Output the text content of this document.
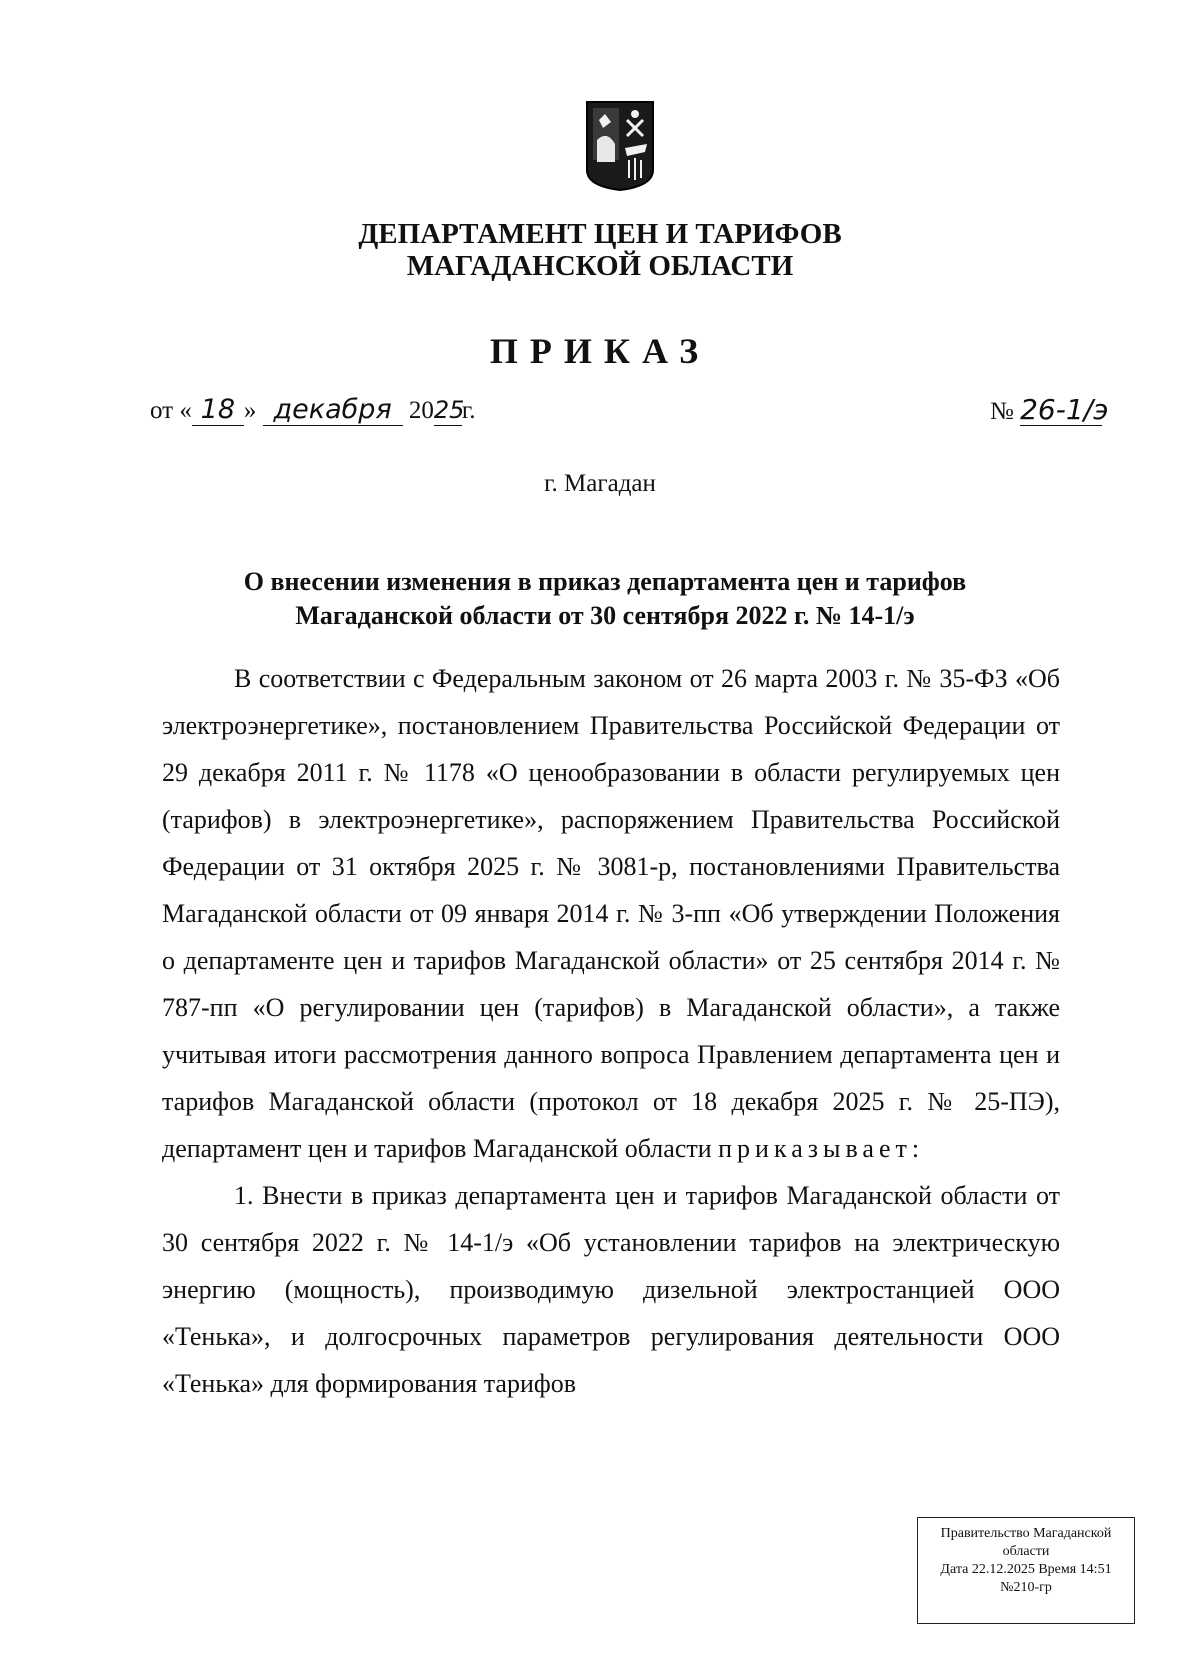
ДЕПАРТАМЕНТ ЦЕН И ТАРИФОВ
МАГАДАНСКОЙ ОБЛАСТИ
ПРИКАЗ
от « 18 » декабря 2025г.	№ 26-1/э
г. Магадан
О внесении изменения в приказ департамента цен и тарифов
Магаданской области от 30 сентября 2022 г. № 14-1/э

В соответствии с Федеральным законом от 26 марта 2003 г. № 35-ФЗ «Об электроэнергетике», постановлением Правительства Российской Федерации от 29 декабря 2011 г. № 1178 «О ценообразовании в области регулируемых цен (тарифов) в электроэнергетике», распоряжением Правительства Российской Федерации от 31 октября 2025 г. № 3081-р, постановлениями Правительства Магаданской области от 09 января 2014 г. № 3-пп «Об утверждении Положения о департаменте цен и тарифов Магаданской области» от 25 сентября 2014 г. № 787-пп «О регулировании цен (тарифов) в Магаданской области», а также учитывая итоги рассмотрения данного вопроса Правлением департамента цен и тарифов Магаданской области (протокол от 18 декабря 2025 г. № 25-ПЭ), департамент цен и тарифов Магаданской области приказывает:

1. Внести в приказ департамента цен и тарифов Магаданской области от 30 сентября 2022 г. № 14-1/э «Об установлении тарифов на электрическую энергию (мощность), производимую дизельной электростанцией ООО «Тенька», и долгосрочных параметров регулирования деятельности ООО «Тенька» для формирования тарифов

Правительство Магаданской
области
Дата 22.12.2025 Время 14:51
№210-гр
